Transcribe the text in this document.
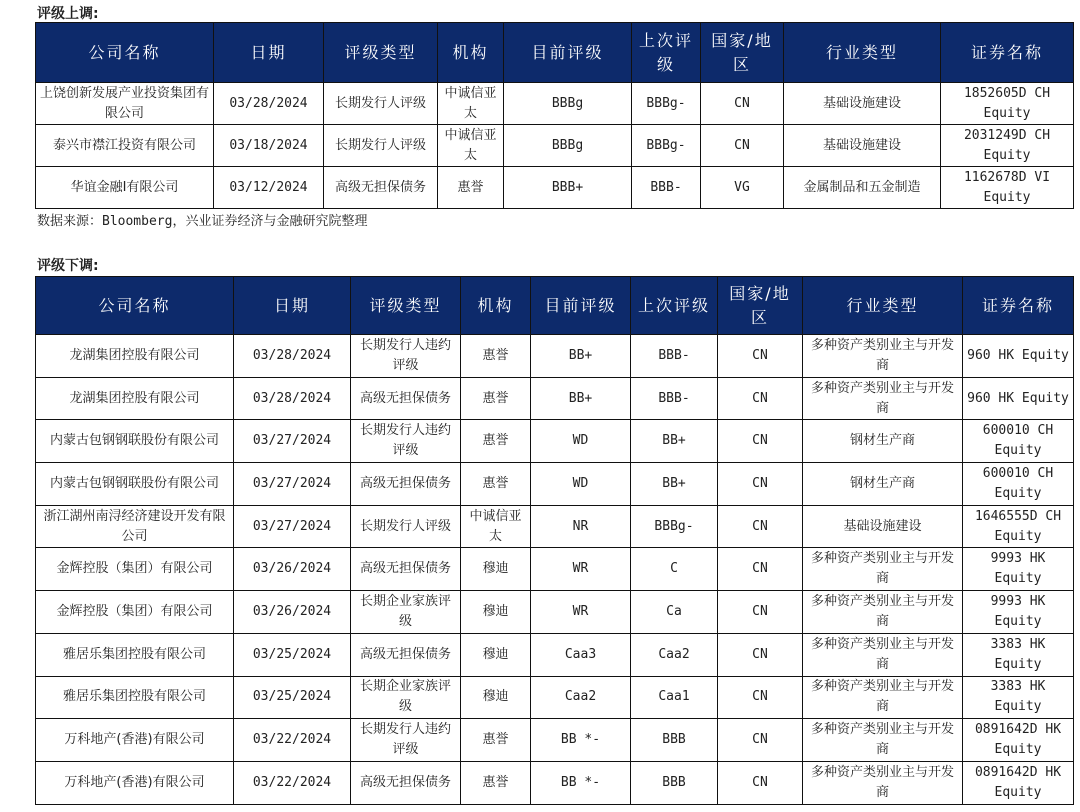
评级上调:
公司名称	日期	评级类型	机构	目前评级	上次评级	国家/地区	行业类型	证券名称
上饶创新发展产业投资集团有限公司	03/28/2024	长期发行人评级	中诚信亚太	BBBg	BBBg-	CN	基础设施建设	1852605D CH Equity
泰兴市襟江投资有限公司	03/18/2024	长期发行人评级	中诚信亚太	BBBg	BBBg-	CN	基础设施建设	2031249D CH Equity
华谊金融I有限公司	03/12/2024	高级无担保债务	惠誉	BBB+	BBB-	VG	金属制品和五金制造	1162678D VI Equity
数据来源：Bloomberg，兴业证券经济与金融研究院整理
评级下调:
公司名称	日期	评级类型	机构	目前评级	上次评级	国家/地区	行业类型	证券名称
龙湖集团控股有限公司	03/28/2024	长期发行人违约评级	惠誉	BB+	BBB-	CN	多种资产类别业主与开发商	960 HK Equity
龙湖集团控股有限公司	03/28/2024	高级无担保债务	惠誉	BB+	BBB-	CN	多种资产类别业主与开发商	960 HK Equity
内蒙古包钢钢联股份有限公司	03/27/2024	长期发行人违约评级	惠誉	WD	BB+	CN	钢材生产商	600010 CH Equity
内蒙古包钢钢联股份有限公司	03/27/2024	高级无担保债务	惠誉	WD	BB+	CN	钢材生产商	600010 CH Equity
浙江湖州南浔经济建设开发有限公司	03/27/2024	长期发行人评级	中诚信亚太	NR	BBBg-	CN	基础设施建设	1646555D CH Equity
金辉控股（集团）有限公司	03/26/2024	高级无担保债务	穆迪	WR	C	CN	多种资产类别业主与开发商	9993 HK Equity
金辉控股（集团）有限公司	03/26/2024	长期企业家族评级	穆迪	WR	Ca	CN	多种资产类别业主与开发商	9993 HK Equity
雅居乐集团控股有限公司	03/25/2024	高级无担保债务	穆迪	Caa3	Caa2	CN	多种资产类别业主与开发商	3383 HK Equity
雅居乐集团控股有限公司	03/25/2024	长期企业家族评级	穆迪	Caa2	Caa1	CN	多种资产类别业主与开发商	3383 HK Equity
万科地产(香港)有限公司	03/22/2024	长期发行人违约评级	惠誉	BB *-	BBB	CN	多种资产类别业主与开发商	0891642D HK Equity
万科地产(香港)有限公司	03/22/2024	高级无担保债务	惠誉	BB *-	BBB	CN	多种资产类别业主与开发商	0891642D HK Equity
